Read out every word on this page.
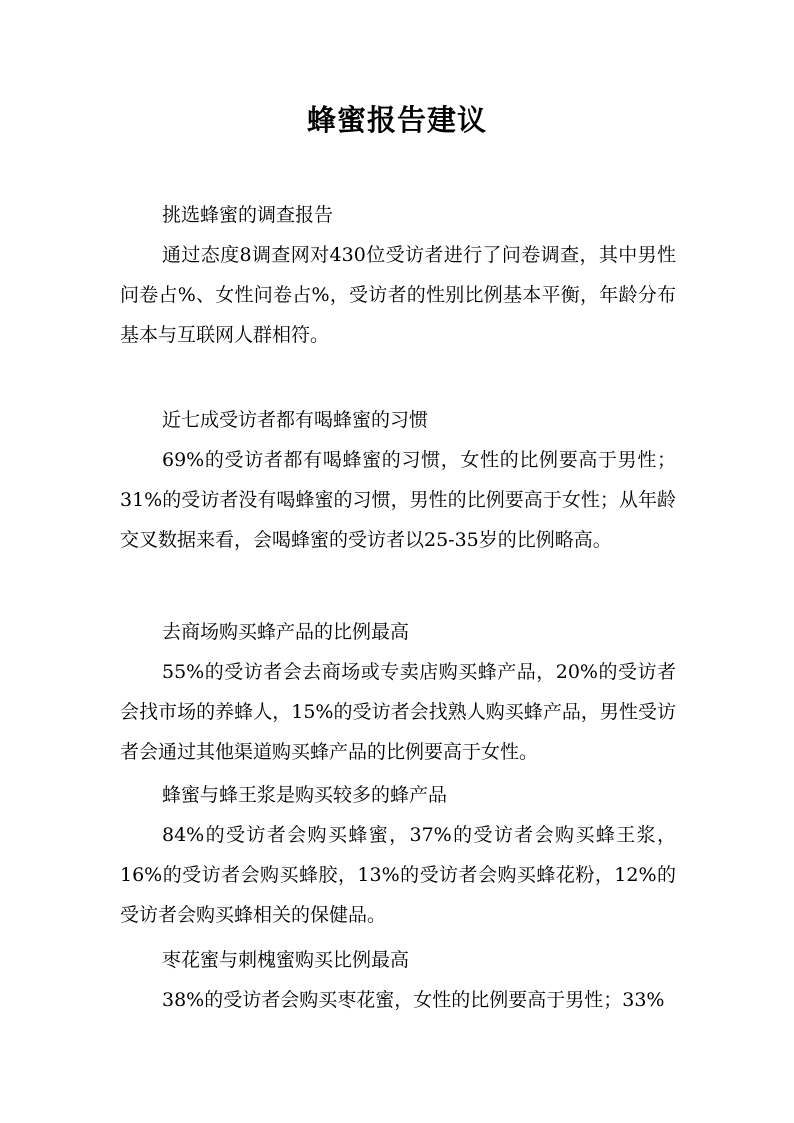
蜂蜜报告建议
挑选蜂蜜的调查报告
通过态度8调查网对430位受访者进行了问卷调查，其中男性问卷占%、女性问卷占%，受访者的性别比例基本平衡，年龄分布基本与互联网人群相符。
近七成受访者都有喝蜂蜜的习惯
69%的受访者都有喝蜂蜜的习惯，女性的比例要高于男性；31%的受访者没有喝蜂蜜的习惯，男性的比例要高于女性；从年龄交叉数据来看，会喝蜂蜜的受访者以25-35岁的比例略高。
去商场购买蜂产品的比例最高
55%的受访者会去商场或专卖店购买蜂产品，20%的受访者会找市场的养蜂人，15%的受访者会找熟人购买蜂产品，男性受访者会通过其他渠道购买蜂产品的比例要高于女性。
蜂蜜与蜂王浆是购买较多的蜂产品
84%的受访者会购买蜂蜜，37%的受访者会购买蜂王浆，16%的受访者会购买蜂胶，13%的受访者会购买蜂花粉，12%的受访者会购买蜂相关的保健品。
枣花蜜与刺槐蜜购买比例最高
38%的受访者会购买枣花蜜，女性的比例要高于男性；33%
